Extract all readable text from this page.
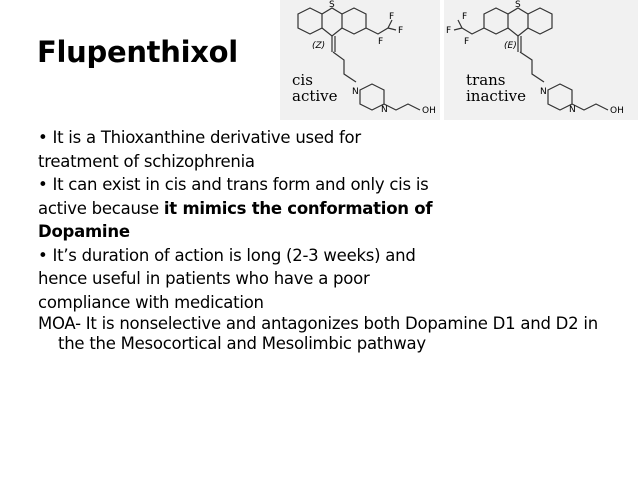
Flupenthixol
S
F
F
F
N
N	OH
(Z)
cis
active
S
F
F
F
N
N	OH
(E)
trans
inactive

• It is a Thioxanthine derivative used for

treatment of schizophrenia

• It can exist in cis and trans form and only cis is

active because it mimics the conformation of

Dopamine

• It’s duration of action is long (2-3 weeks) and

hence useful in patients who have a poor

compliance with medication

MOA- It is nonselective and antagonizes both Dopamine D1 and D2 in the the Mesocortical and Mesolimbic pathway
